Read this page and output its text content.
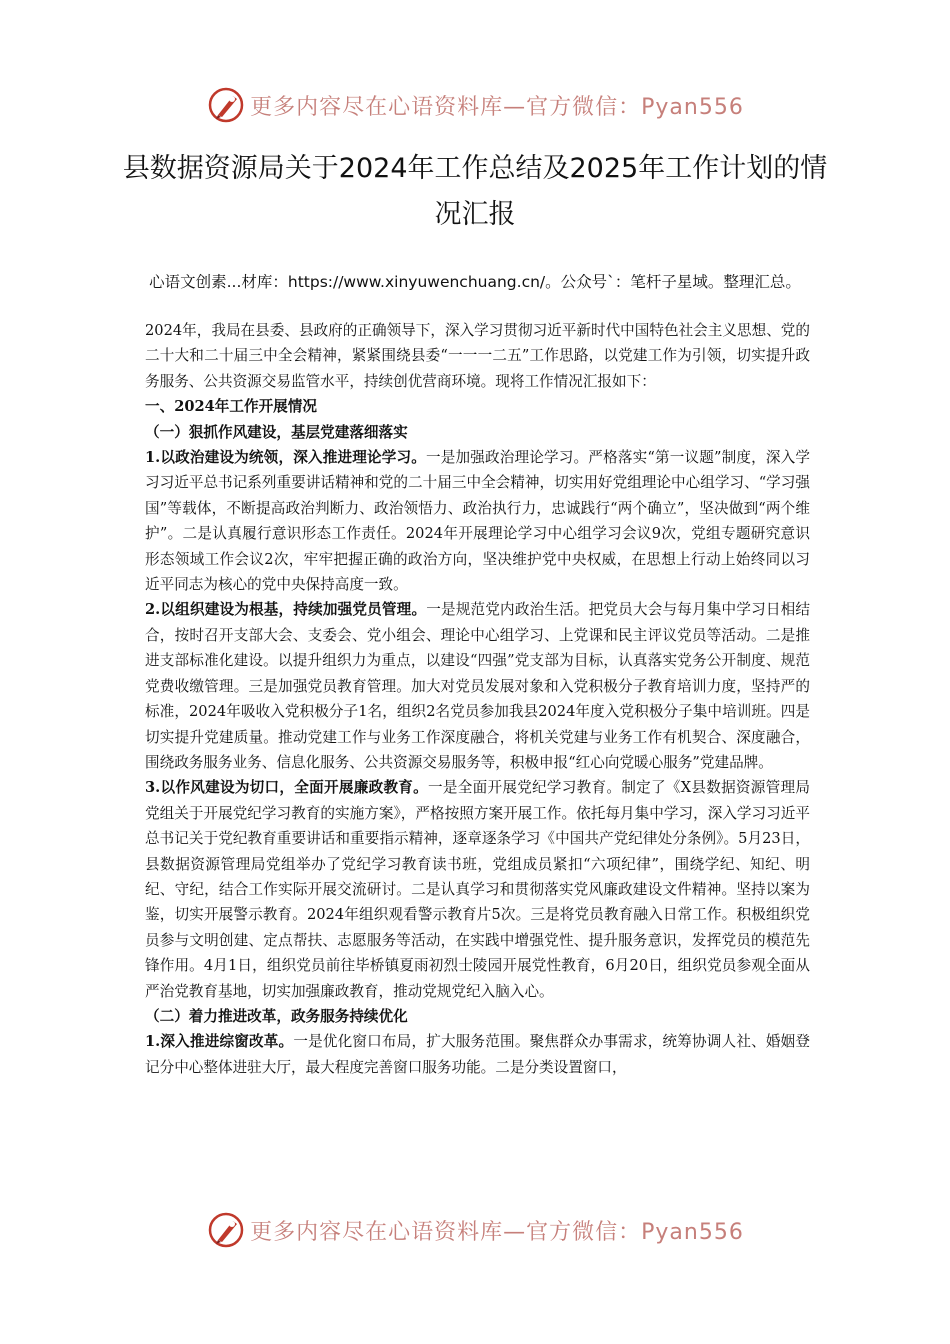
更多内容尽在心语资料库—官方微信：Pyan556
县数据资源局关于2024年工作总结及2025年工作计划的情况汇报

心语文创素...材库：https://www.xinyuwenchuang.cn/。公众号`：笔杆子星域。整理汇总。

2024年，我局在县委、县政府的正确领导下，深入学习贯彻习近平新时代中国特色社会主义思想、党的二十大和二十届三中全会精神，紧紧围绕县委“一一一二五”工作思路，以党建工作为引领，切实提升政务服务、公共资源交易监管水平，持续创优营商环境。现将工作情况汇报如下：

一、2024年工作开展情况

（一）狠抓作风建设，基层党建落细落实

1.以政治建设为统领，深入推进理论学习。一是加强政治理论学习。严格落实“第一议题”制度，深入学习习近平总书记系列重要讲话精神和党的二十届三中全会精神，切实用好党组理论中心组学习、“学习强国”等载体，不断提高政治判断力、政治领悟力、政治执行力，忠诚践行“两个确立”，坚决做到“两个维护”。二是认真履行意识形态工作责任。2024年开展理论学习中心组学习会议9次，党组专题研究意识形态领域工作会议2次，牢牢把握正确的政治方向，坚决维护党中央权威，在思想上行动上始终同以习近平同志为核心的党中央保持高度一致。

2.以组织建设为根基，持续加强党员管理。一是规范党内政治生活。把党员大会与每月集中学习日相结合，按时召开支部大会、支委会、党小组会、理论中心组学习、上党课和民主评议党员等活动。二是推进支部标准化建设。以提升组织力为重点，以建设“四强”党支部为目标，认真落实党务公开制度、规范党费收缴管理。三是加强党员教育管理。加大对党员发展对象和入党积极分子教育培训力度，坚持严的标准，2024年吸收入党积极分子1名，组织2名党员参加我县2024年度入党积极分子集中培训班。四是切实提升党建质量。推动党建工作与业务工作深度融合，将机关党建与业务工作有机契合、深度融合，围绕政务服务业务、信息化服务、公共资源交易服务等，积极申报“红心向党暖心服务”党建品牌。

3.以作风建设为切口，全面开展廉政教育。一是全面开展党纪学习教育。制定了《X县数据资源管理局党组关于开展党纪学习教育的实施方案》，严格按照方案开展工作。依托每月集中学习，深入学习习近平总书记关于党纪教育重要讲话和重要指示精神，逐章逐条学习《中国共产党纪律处分条例》。5月23日，县数据资源管理局党组举办了党纪学习教育读书班，党组成员紧扣“六项纪律”，围绕学纪、知纪、明纪、守纪，结合工作实际开展交流研讨。二是认真学习和贯彻落实党风廉政建设文件精神。坚持以案为鉴，切实开展警示教育。2024年组织观看警示教育片5次。三是将党员教育融入日常工作。积极组织党员参与文明创建、定点帮扶、志愿服务等活动，在实践中增强党性、提升服务意识，发挥党员的模范先锋作用。4月1日，组织党员前往毕桥镇夏雨初烈士陵园开展党性教育，6月20日，组织党员参观全面从严治党教育基地，切实加强廉政教育，推动党规党纪入脑入心。

（二）着力推进改革，政务服务持续优化

1.深入推进综窗改革。一是优化窗口布局，扩大服务范围。聚焦群众办事需求，统筹协调人社、婚姻登记分中心整体进驻大厅，最大程度完善窗口服务功能。二是分类设置窗口，

更多内容尽在心语资料库—官方微信：Pyan556
